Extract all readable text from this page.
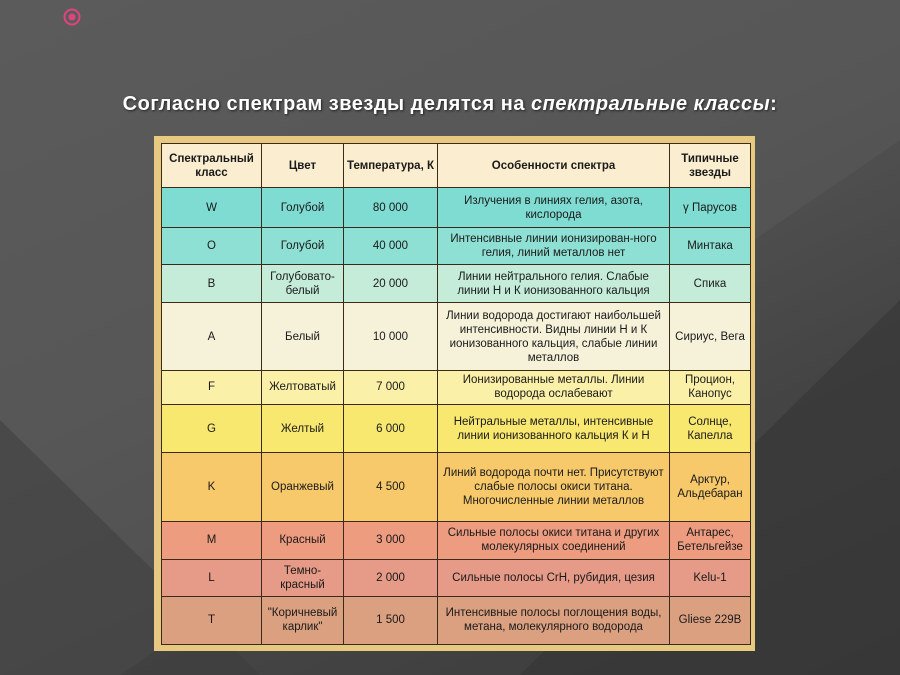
Согласно спектрам звезды делятся на спектральные классы:
Спектральный класс	Цвет	Температура, К	Особенности спектра	Типичные звезды
W	Голубой	80 000	Излучения в линиях гелия, азота, кислорода	γ Парусов
O	Голубой	40 000	Интенсивные линии ионизирован-ного гелия, линий металлов нет	Минтака
B	Голубовато-белый	20 000	Линии нейтрального гелия. Слабые линии Н и К ионизованного кальция	Спика
A	Белый	10 000	Линии водорода достигают наибольшей интенсивности. Видны линии Н и К ионизованного кальция, слабые линии металлов	Сириус, Вега
F	Желтоватый	7 000	Ионизированные металлы. Линии водорода ослабевают	Процион, Канопус
G	Желтый	6 000	Нейтральные металлы, интенсивные линии ионизованного кальция К и Н	Солнце, Капелла
K	Оранжевый	4 500	Линий водорода почти нет. Присутствуют слабые полосы окиси титана. Многочисленные линии металлов	Арктур, Альдебаран
M	Красный	3 000	Сильные полосы окиси титана и других молекулярных соединений	Антарес, Бетельгейзе
L	Темно-красный	2 000	Сильные полосы CrH, рубидия, цезия	Kelu-1
T	"Коричневый карлик"	1 500	Интенсивные полосы поглощения воды, метана, молекулярного водорода	Gliese 229B
